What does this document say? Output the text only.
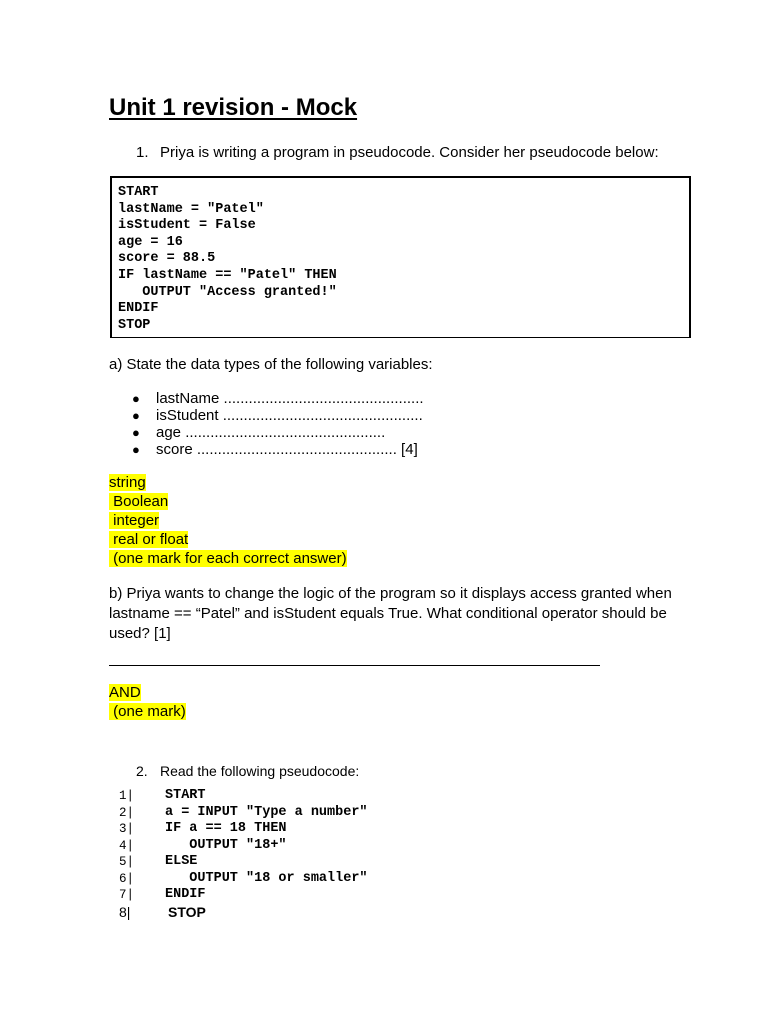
Unit 1 revision - Mock
1. Priya is writing a program in pseudocode. Consider her pseudocode below:
START
lastName = "Patel"
isStudent = False
age = 16
score = 88.5
IF lastName == "Patel" THEN
OUTPUT "Access granted!"
ENDIF
STOP
a) State the data types of the following variables:
● lastName ................................................
● isStudent ................................................
● age ................................................
● score ................................................ [4]
string
Boolean
integer
real or float
(one mark for each correct answer)
b) Priya wants to change the logic of the program so it displays access granted when lastname == “Patel” and isStudent equals True. What conditional operator should be used? [1]
AND
(one mark)
2. Read the following pseudocode:
1| START
2| a = INPUT "Type a number"
3| IF a == 18 THEN
4| OUTPUT "18+"
5| ELSE
6| OUTPUT "18 or smaller"
7| ENDIF
8|	STOP
